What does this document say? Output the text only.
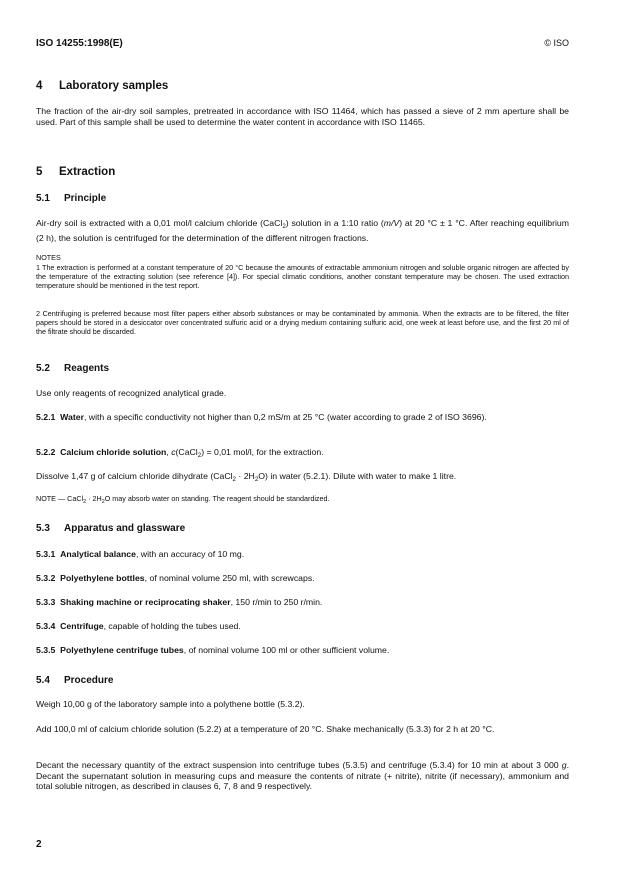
ISO 14255:1998(E)	© ISO
4 Laboratory samples
The fraction of the air-dry soil samples, pretreated in accordance with ISO 11464, which has passed a sieve of 2 mm aperture shall be used. Part of this sample shall be used to determine the water content in accordance with ISO 11465.
5 Extraction
5.1 Principle
Air-dry soil is extracted with a 0,01 mol/l calcium chloride (CaCl$_2$) solution in a 1:10 ratio (m/V) at 20 °C ± 1 °C. After reaching equilibrium (2 h), the solution is centrifuged for the determination of the different nitrogen fractions.
NOTES
1 The extraction is performed at a constant temperature of 20 °C because the amounts of extractable ammonium nitrogen and soluble organic nitrogen are affected by the temperature of the extracting solution (see reference [4]). For special climatic conditions, another constant temperature may be chosen. The used extraction temperature should be mentioned in the test report.
2 Centrifuging is preferred because most filter papers either absorb substances or may be contaminated by ammonia. When the extracts are to be filtered, the filter papers should be stored in a desiccator over concentrated sulfuric acid or a drying medium containing sulfuric acid, one week at least before use, and the first 20 ml of the filtrate should be discarded.
5.2 Reagents
Use only reagents of recognized analytical grade.
5.2.1 Water, with a specific conductivity not higher than 0,2 mS/m at 25 °C (water according to grade 2 of ISO 3696).
5.2.2 Calcium chloride solution, c(CaCl$_2$) = 0,01 mol/l, for the extraction.
Dissolve 1,47 g of calcium chloride dihydrate (CaCl$_2$ · $2H_2O$) in water (5.2.1). Dilute with water to make 1 litre.
NOTE — CaCl$_2$ · $2H_2O$ may absorb water on standing. The reagent should be standardized.
5.3 Apparatus and glassware
5.3.1 Analytical balance, with an accuracy of 10 mg.
5.3.2 Polyethylene bottles, of nominal volume 250 ml, with screwcaps.
5.3.3 Shaking machine or reciprocating shaker, 150 r/min to 250 r/min.
5.3.4 Centrifuge, capable of holding the tubes used.
5.3.5 Polyethylene centrifuge tubes, of nominal volume 100 ml or other sufficient volume.
5.4 Procedure
Weigh 10,00 g of the laboratory sample into a polythene bottle (5.3.2).
Add 100,0 ml of calcium chloride solution (5.2.2) at a temperature of 20 °C. Shake mechanically (5.3.3) for 2 h at 20 °C.
Decant the necessary quantity of the extract suspension into centrifuge tubes (5.3.5) and centrifuge (5.3.4) for 10 min at about 3 000 g. Decant the supernatant solution in measuring cups and measure the contents of nitrate (+ nitrite), nitrite (if necessary), ammonium and total soluble nitrogen, as described in clauses 6, 7, 8 and 9 respectively.
2
